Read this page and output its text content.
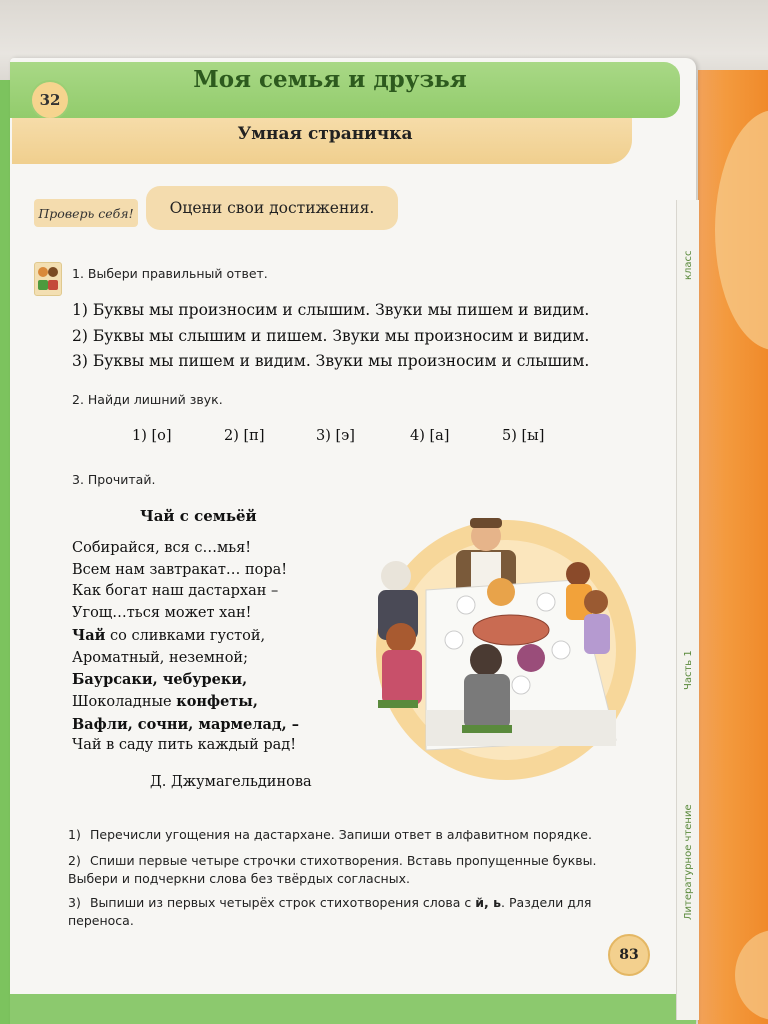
класс
Часть 1
Литературное чтение
32
Моя семья и друзья
Умная страничка
Проверь себя!	Оцени свои достижения.
1. Выбери правильный ответ.
1) Буквы мы произносим и слышим. Звуки мы пишем и видим.
2) Буквы мы слышим и пишем. Звуки мы произносим и видим.
3) Буквы мы пишем и видим. Звуки мы произносим и слышим.
2. Найди лишний звук.
1) [о]	2) [п]	3) [э]	4) [а]	5) [ы]
3. Прочитай.
Чай с семьёй
Собирайся, вся с…мья!
Всем нам завтракат… пора!
Как богат наш дастархан –
Угощ…ться может хан!
Чай со сливками густой,
Ароматный, неземной;
Баурсаки, чебуреки,
Шоколадные конфеты,
Вафли, сочни, мармелад, –
Чай в саду пить каждый рад!
Д. Джумагельдинова
1) Перечисли угощения на дастархане. Запиши ответ в алфавитном порядке.
2) Спиши первые четыре строчки стихотворения. Вставь пропущенные буквы. Выбери и подчеркни слова без твёрдых согласных.
3) Выпиши из первых четырёх строк стихотворения слова с й, ь. Раздели для переноса.
83
